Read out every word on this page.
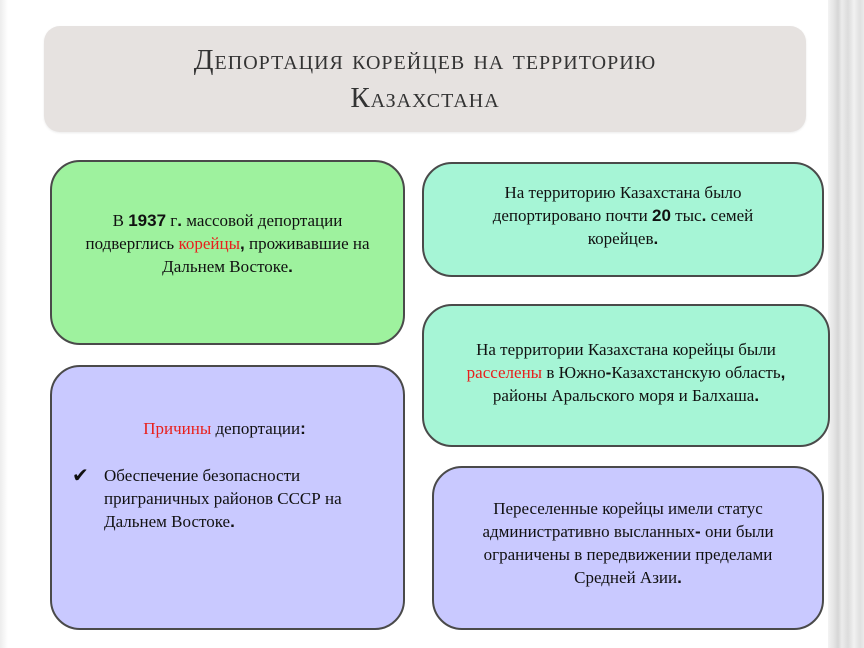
Депортация корейцев на территорию
Казахстана
В 1937 г. массовой депортации подверглись корейцы, проживавшие на Дальнем Востоке.
На территорию Казахстана было депортировано почти 20 тыс. семей корейцев.
На территории Казахстана корейцы были расселены в Южно-Казахстанскую область, районы Аральского моря и Балхаша.
Причины депортации:
✔ Обеспечение безопасности приграничных районов СССР на Дальнем Востоке.
Переселенные корейцы имели статус административно высланных- они были ограничены в передвижении пределами Средней Азии.
